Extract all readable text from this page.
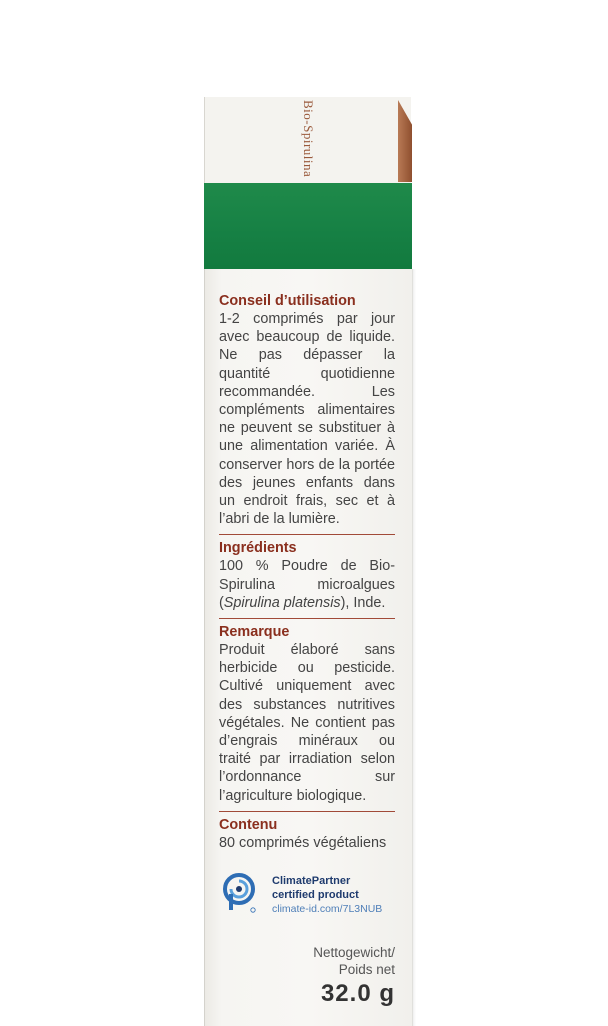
Bio-Spirulina
Conseil d’utilisation
1‑2 comprimés par jour avec beaucoup de liquide. Ne pas dépasser la quantité quotidienne recommandée. Les compléments alimentaires ne peuvent se substituer à une alimentation variée. À conserver hors de la portée des jeunes enfants dans un endroit frais, sec et à l’abri de la lumière.
Ingrédients
100 % Poudre de Bio-Spirulina microalgues (Spirulina platensis), Inde.
Remarque
Produit élaboré sans herbicide ou pesticide. Cultivé uniquement avec des substances nutritives végétales. Ne contient pas d’engrais minéraux ou traité par irradiation selon l’ordonnance sur l’agriculture biologique.
Contenu
80 comprimés végétaliens
ClimatePartner
certified product
climate-id.com/7L3NUB
Nettogewicht/
Poids net
32.0 g
